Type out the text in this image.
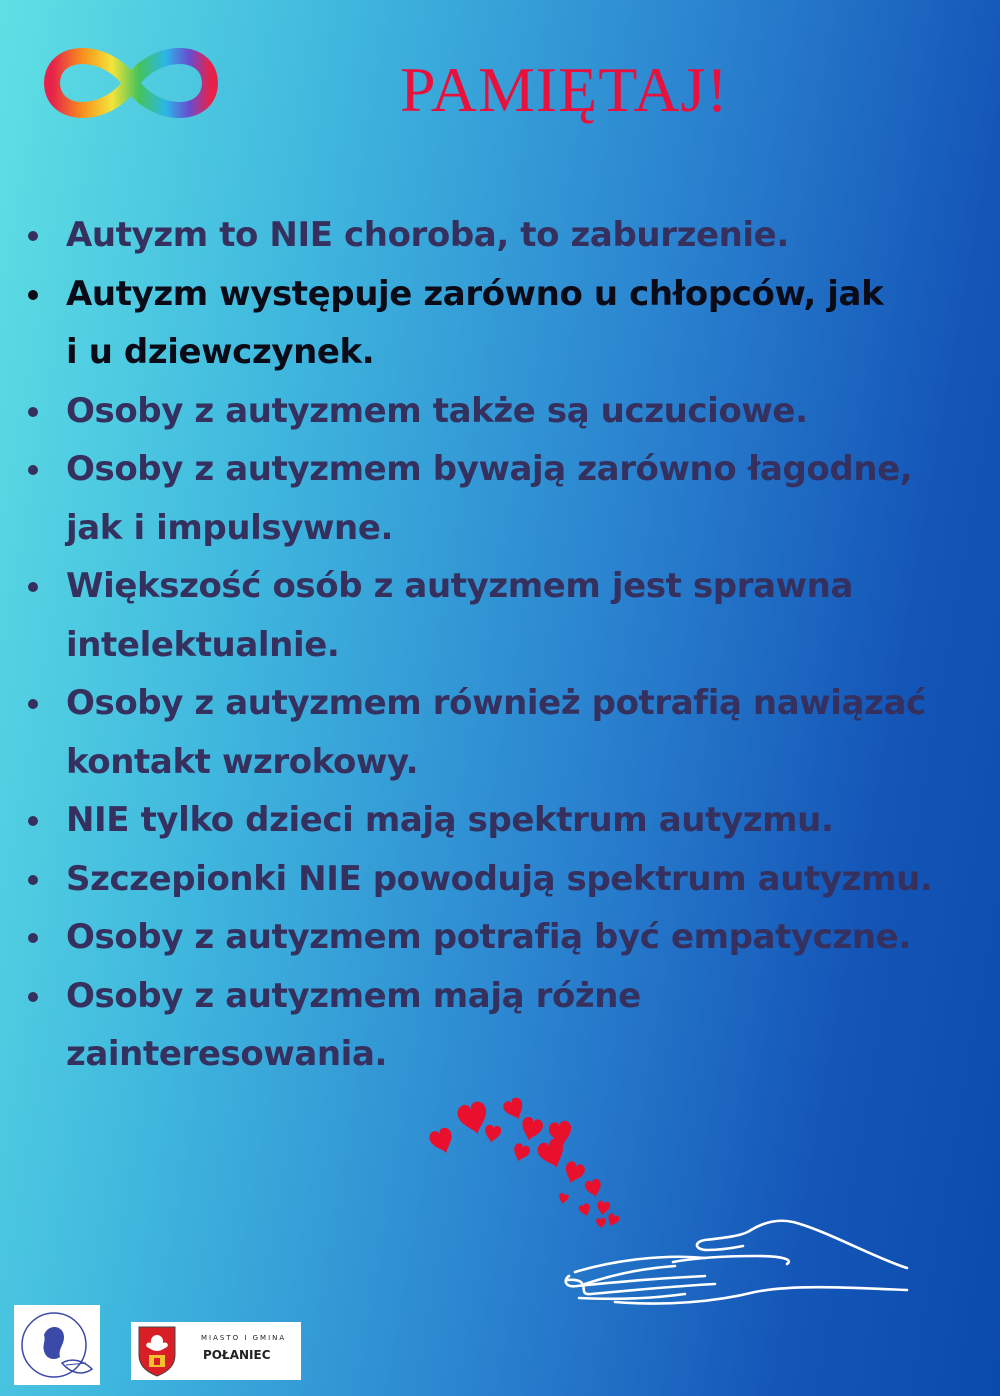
PAMIĘTAJ!
Autyzm to NIE choroba, to zaburzenie.
Autyzm występuje zarówno u chłopców, jak
i u dziewczynek.
Osoby z autyzmem także są uczuciowe.
Osoby z autyzmem bywają zarówno łagodne,
jak i impulsywne.
Większość osób z autyzmem jest sprawna
intelektualnie.
Osoby z autyzmem również potrafią nawiązać
kontakt wzrokowy.
NIE tylko dzieci mają spektrum autyzmu.
Szczepionki NIE powodują spektrum autyzmu.
Osoby z autyzmem potrafią być empatyczne.
Osoby z autyzmem mają różne
zainteresowania.
MIASTO I GMINA
POŁANIEC
